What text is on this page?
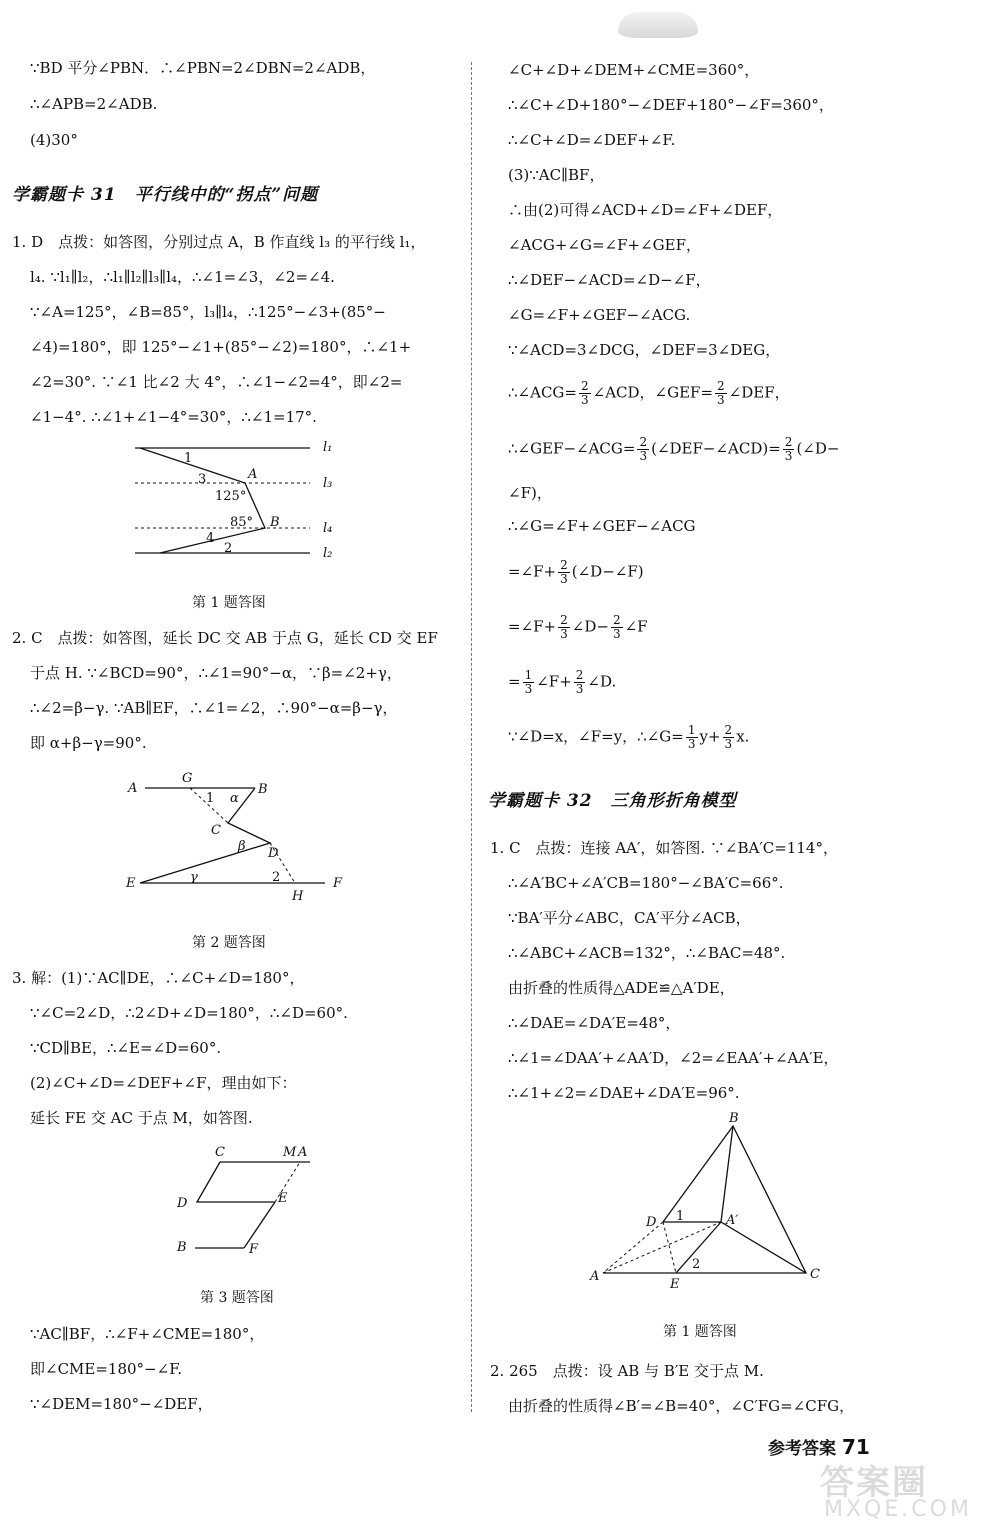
∵BD 平分∠PBN．∴∠PBN=2∠DBN=2∠ADB，
∴∠APB=2∠ADB.
(4)30°
学霸题卡 31　平行线中的“拐点”问题
1. D　点拨：如答图，分别过点 A，B 作直线 l₃ 的平行线 l₁，
l₄. ∵l₁∥l₂，∴l₁∥l₂∥l₃∥l₄，∴∠1=∠3，∠2=∠4.
∵∠A=125°，∠B=85°，l₃∥l₄，∴125°−∠3+(85°−
∠4)=180°，即 125°−∠1+(85°−∠2)=180°，∴∠1+
∠2=30°. ∵∠1 比∠2 大 4°，∴∠1−∠2=4°，即∠2=
∠1−4°. ∴∠1+∠1−4°=30°，∴∠1=17°.
l₁
l₃
l₄
l₂
A
B
125°
85°
1
3
4
2
第 1 题答图
2. C　点拨：如答图，延长 DC 交 AB 于点 G，延长 CD 交 EF
于点 H. ∵∠BCD=90°，∴∠1=90°−α，∵β=∠2+γ，
∴∠2=β−γ. ∵AB∥EF，∴∠1=∠2，∴90°−α=β−γ，
即 α+β−γ=90°.
A
G
B
C
D
E	F
H
1 α
β
γ	2
第 2 题答图
3. 解：(1)∵AC∥DE，∴∠C+∠D=180°，
∵∠C=2∠D，∴2∠D+∠D=180°，∴∠D=60°.
∵CD∥BE，∴∠E=∠D=60°.
(2)∠C+∠D=∠DEF+∠F，理由如下：
延长 FE 交 AC 于点 M，如答图.
C	M A
D	E
B	F
第 3 题答图
∵AC∥BF，∴∠F+∠CME=180°，
即∠CME=180°−∠F.
∵∠DEM=180°−∠DEF，
∠C+∠D+∠DEM+∠CME=360°，
∴∠C+∠D+180°−∠DEF+180°−∠F=360°，
∴∠C+∠D=∠DEF+∠F.
(3)∵AC∥BF，
∴由(2)可得∠ACD+∠D=∠F+∠DEF，
∠ACG+∠G=∠F+∠GEF，
∴∠DEF−∠ACD=∠D−∠F，
∠G=∠F+∠GEF−∠ACG.
∵∠ACD=3∠DCG，∠DEF=3∠DEG，
∴∠ACG= $\frac{2}{3}$ ∠ACD，∠GEF= $\frac{2}{3}$ ∠DEF，
∴∠GEF−∠ACG= $\frac{2}{3}$ (∠DEF−∠ACD)= $\frac{2}{3}$ (∠D−
∠F)，
∴∠G=∠F+∠GEF−∠ACG
=∠F+ $\frac{2}{3}$ (∠D−∠F)
=∠F+ $\frac{2}{3}$ ∠D− $\frac{2}{3}$ ∠F
= $\frac{1}{3}$ ∠F+ $\frac{2}{3}$ ∠D.
∵∠D=x，∠F=y，∴∠G= $\frac{1}{3} y+ \frac{2}{3} x$.
学霸题卡 32　三角形折角模型
1. C　点拨：连接 AA′，如答图. ∵∠BA′C=114°，
∴∠A′BC+∠A′CB=180°−∠BA′C=66°.
∵BA′平分∠ABC，CA′平分∠ACB，
∴∠ABC+∠ACB=132°，∴∠BAC=48°.
由折叠的性质得△ADE≌△A′DE，
∴∠DAE=∠DA′E=48°，
∴∠1=∠DAA′+∠AA′D，∠2=∠EAA′+∠AA′E，
∴∠1+∠2=∠DAE+∠DA′E=96°.
B
D	A′
A
E
C
1
2
第 1 题答图
2. 265　点拨：设 AB 与 B′E 交于点 M.
由折叠的性质得∠B′=∠B=40°，∠C′FG=∠CFG，
参考答案 71
答案圈
MXQE.COM
